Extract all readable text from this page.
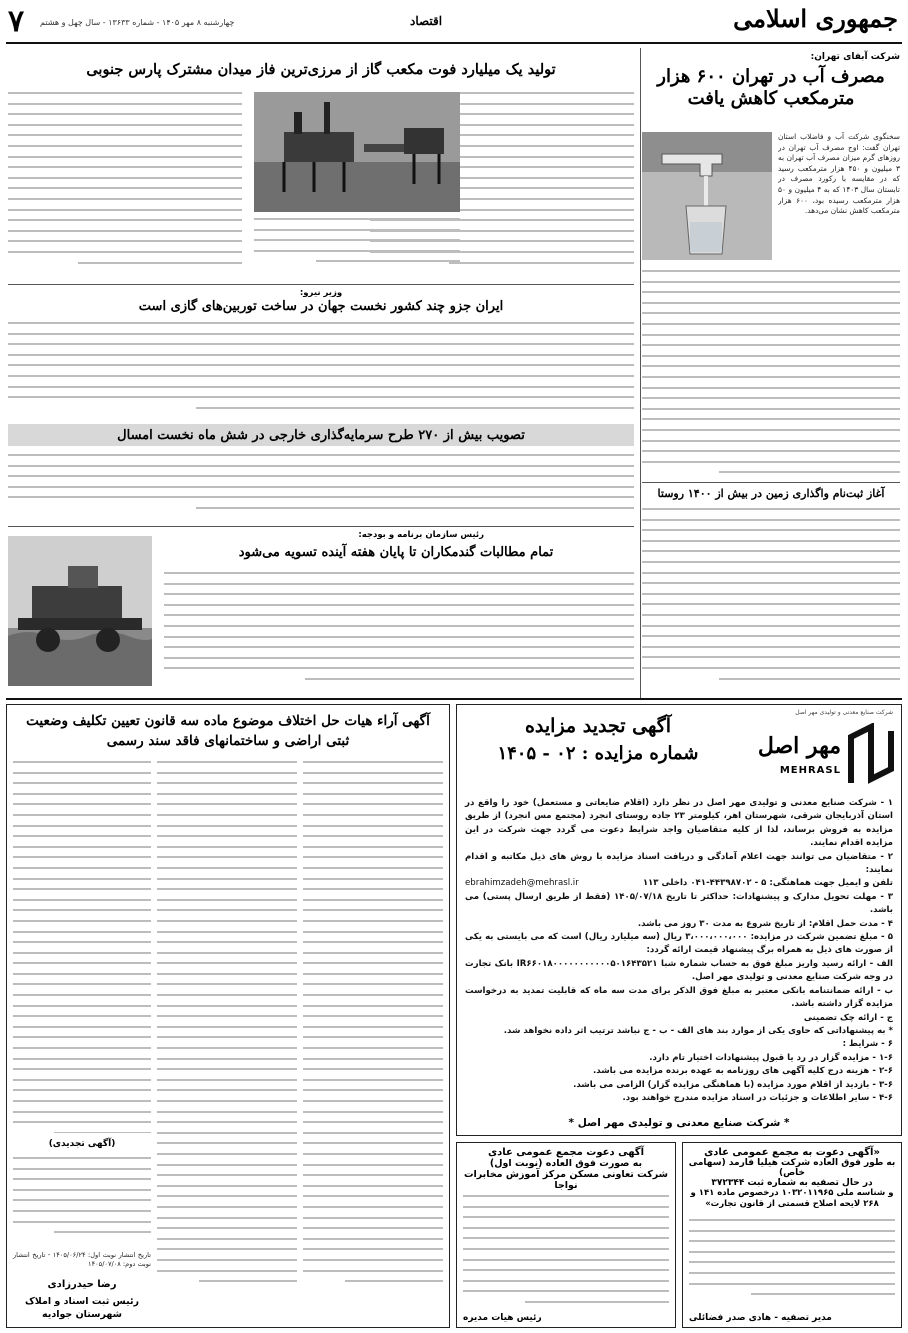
۷ چهارشنبه ۸ مهر ۱۴۰۵ - شماره ۱۳۶۳۳ - سال چهل و هشتم	اقتصاد	جمهوری اسلامی
شرکت آبفای تهران:
مصرف آب در تهران ۶۰۰ هزار مترمکعب کاهش یافت
سخنگوی شرکت آب و فاضلاب استان تهران گفت: اوج مصرف آب تهران در روزهای گرم میزان مصرف آب تهران به ۳ میلیون و ۴۵۰ هزار مترمکعب رسید که در مقایسه با رکورد مصرف در تابستان سال ۱۴۰۳ که به ۴ میلیون و ۵۰ هزار مترمکعب رسیده بود، ۶۰۰ هزار مترمکعب کاهش نشان می‌دهد.
آغاز ثبت‌نام واگذاری زمین در بیش از ۱۴۰۰ روستا
تولید یک میلیارد فوت مکعب گاز از مرزی‌ترین فاز میدان مشترک پارس جنوبی
وزیر نیرو:
ایران جزو چند کشور نخست جهان در ساخت توربین‌های گازی است
تصویب بیش از ۲۷۰ طرح سرمایه‌گذاری خارجی در شش ماه نخست امسال
رئیس سازمان برنامه و بودجه:
تمام مطالبات گندمکاران تا پایان هفته آینده تسویه می‌شود
آگهی آراء هیات حل اختلاف موضوع ماده سه قانون تعیین تکلیف وضعیت ثبتی اراضی و ساختمانهای فاقد سند رسمی
(آگهی تجدیدی)
تاریخ انتشار نوبت اول: ۱۴۰۵/۰۶/۲۴ - تاریخ انتشار نوبت دوم: ۱۴۰۵/۰۷/۰۸
رضا حیدرزادی
رئیس ثبت اسناد و املاک شهرستان جوادیه
شرکت صنایع معدنی و تولیدی مهر اصل
مهر اصل
MEHRASL
آگهی تجدید مزایده
شماره مزایده : ۰۲ - ۱۴۰۵
۱ - شرکت صنایع معدنی و تولیدی مهر اصل در نظر دارد (اقلام ضایعاتی و مستعمل) خود را واقع در استان آذربایجان شرقی، شهرستان اهر، کیلومتر ۲۳ جاده روستای انجرد (مجتمع مس انجرد) از طریق مزایده به فروش برساند، لذا از کلیه متقاضیان واجد شرایط دعوت می گردد جهت شرکت در این مزایده اقدام نمایند.
۲ - متقاضیان می توانند جهت اعلام آمادگی و دریافت اسناد مزایده با روش های ذیل مکاتبه و اقدام نمایند:
تلفن و ایمیل جهت هماهنگی: ۵ - ۴۴۳۹۸۷۰۲-۰۴۱ داخلی ۱۱۳
ebrahimzadeh@mehrasl.ir
۳ - مهلت تحویل مدارک و پیشنهادات: حداکثر تا تاریخ ۱۴۰۵/۰۷/۱۸ (فقط از طریق ارسال پستی) می باشد.
۴ - مدت حمل اقلام: از تاریخ شروع به مدت ۳۰ روز می باشد.
۵ - مبلغ تضمین شرکت در مزایده: ۳،۰۰۰،۰۰۰،۰۰۰ ریال (سه میلیارد ریال) است که می بایستی به یکی از صورت های ذیل به همراه برگ پیشنهاد قیمت ارائه گردد:
الف - ارائه رسید واریز مبلغ فوق به حساب شماره شبا IR۶۶۰۱۸۰۰۰۰۰۰۰۰۰۰۰۵۰۱۶۴۳۵۲۱ بانک تجارت در وجه شرکت صنایع معدنی و تولیدی مهر اصل.
ب - ارائه ضمانتنامه بانکی معتبر به مبلغ فوق الذکر برای مدت سه ماه که قابلیت تمدید به درخواست مزایده گزار داشته باشد.
ج - ارائه چک تضمینی
* به پیشنهاداتی که حاوی یکی از موارد بند های الف - ب - ج نباشد ترتیب اثر داده نخواهد شد.
۶ - شرایط :
۱-۶ - مزایده گزار در رد یا قبول پیشنهادات اختیار تام دارد.
۲-۶ - هزینه درج کلیه آگهی های روزنامه به عهده برنده مزایده می باشد.
۳-۶ - بازدید از اقلام مورد مزایده (با هماهنگی مزایده گزار) الزامی می باشد.
۴-۶ - سایر اطلاعات و جزئیات در اسناد مزایده مندرج خواهند بود.
* شرکت صنایع معدنی و تولیدی مهر اصل *
آگهی دعوت مجمع عمومی عادی
به صورت فوق العاده (نوبت اول)
شرکت تعاونی مسکن مرکز آموزش مخابرات نواجا
رئیس هیات مدیره
«آگهی دعوت به مجمع عمومی عادی
به طور فوق العاده شرکت هیلیا فارمد (سهامی خاص)
در حال تصفیه به شماره ثبت ۳۷۲۳۴۴
و شناسه ملی ۱۰۳۲۰۱۱۹۶۵ درخصوص ماده ۱۴۱ و ۲۶۸ لایحه اصلاح قسمتی از قانون تجارت»
مدیر تصفیه - هادی صدر فضائلی
